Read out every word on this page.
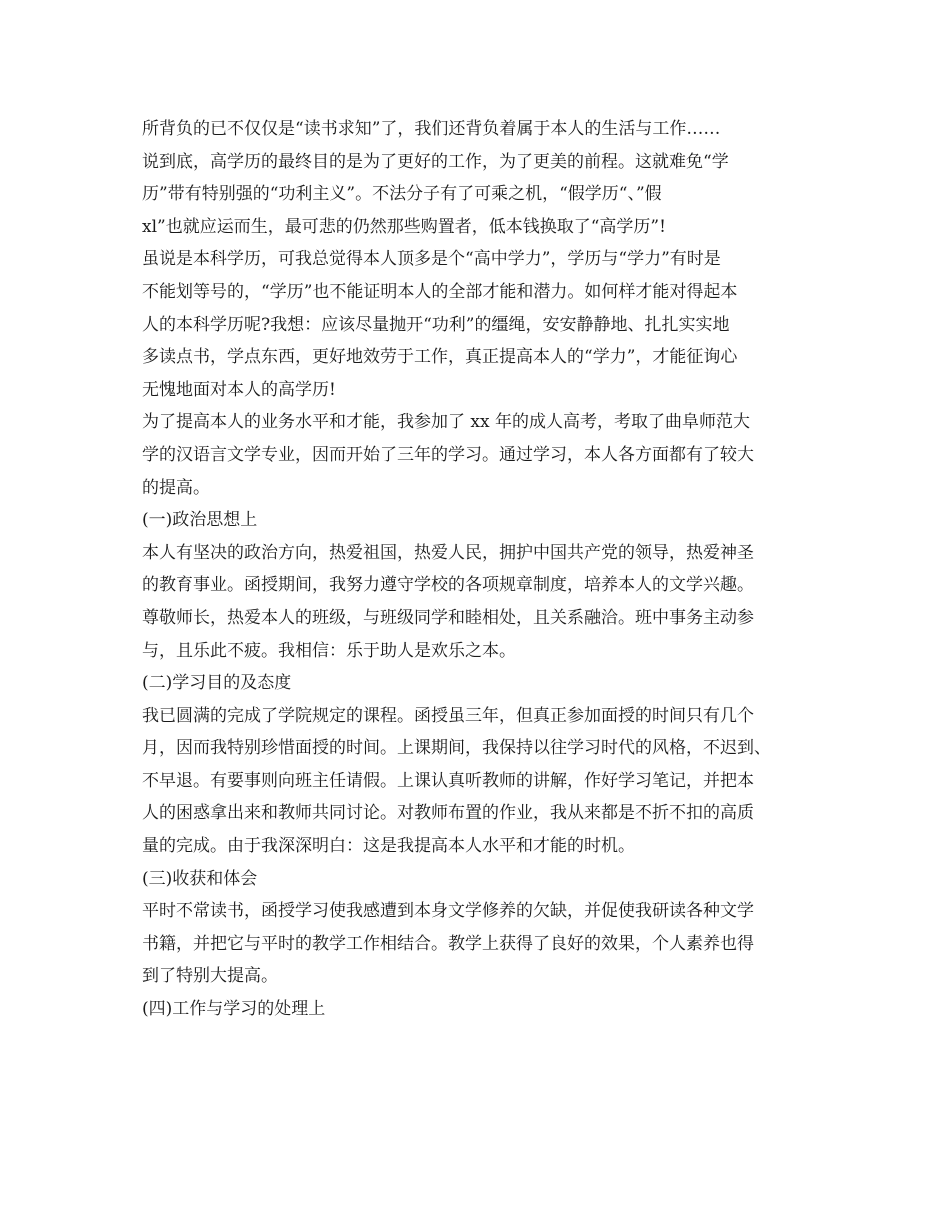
所背负的已不仅仅是“读书求知”了，我们还背负着属于本人的生活与工作……
说到底，高学历的最终目的是为了更好的工作，为了更美的前程。这就难免“学
历”带有特别强的“功利主义”。不法分子有了可乘之机，“假学历“、”假
xl”也就应运而生，最可悲的仍然那些购置者，低本钱换取了“高学历”!
虽说是本科学历，可我总觉得本人顶多是个“高中学力”，学历与“学力”有时是
不能划等号的，“学历”也不能证明本人的全部才能和潜力。如何样才能对得起本
人的本科学历呢?我想：应该尽量抛开“功利”的缰绳，安安静静地、扎扎实实地
多读点书，学点东西，更好地效劳于工作，真正提高本人的“学力”，才能征询心
无愧地面对本人的高学历!
为了提高本人的业务水平和才能，我参加了 xx 年的成人高考，考取了曲阜师范大
学的汉语言文学专业，因而开始了三年的学习。通过学习，本人各方面都有了较大
的提高。
(一)政治思想上
本人有坚决的政治方向，热爱祖国，热爱人民，拥护中国共产党的领导，热爱神圣
的教育事业。函授期间，我努力遵守学校的各项规章制度，培养本人的文学兴趣。
尊敬师长，热爱本人的班级，与班级同学和睦相处，且关系融洽。班中事务主动参
与，且乐此不疲。我相信：乐于助人是欢乐之本。
(二)学习目的及态度
我已圆满的完成了学院规定的课程。函授虽三年，但真正参加面授的时间只有几个
月，因而我特别珍惜面授的时间。上课期间，我保持以往学习时代的风格，不迟到、
不早退。有要事则向班主任请假。上课认真听教师的讲解，作好学习笔记，并把本
人的困惑拿出来和教师共同讨论。对教师布置的作业，我从来都是不折不扣的高质
量的完成。由于我深深明白：这是我提高本人水平和才能的时机。
(三)收获和体会
平时不常读书，函授学习使我感遭到本身文学修养的欠缺，并促使我研读各种文学
书籍，并把它与平时的教学工作相结合。教学上获得了良好的效果，个人素养也得
到了特别大提高。
(四)工作与学习的处理上
